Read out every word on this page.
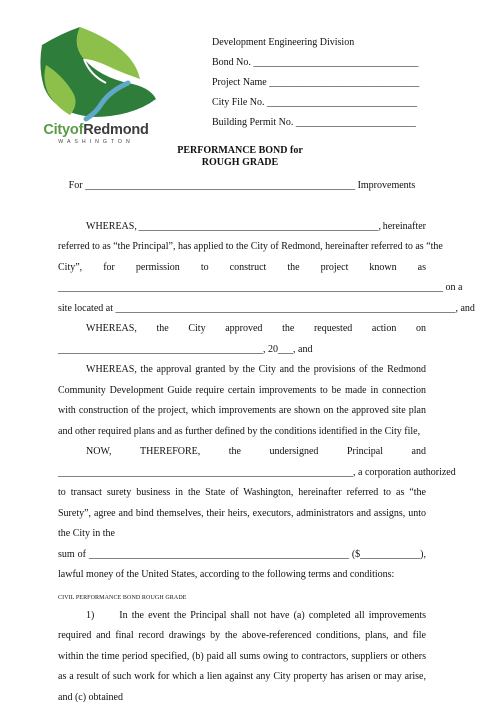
CityofRedmond
WASHINGTON
Development Engineering Division
Bond No. _________________________________
Project Name ______________________________
City File No. ______________________________
Building Permit No. ________________________
PERFORMANCE BOND for
ROUGH GRADE

For ______________________________________________________ Improvements

WHEREAS, ________________________________________________, hereinafter
referred to as “the Principal”, has applied to the City of Redmond, hereinafter referred to as “the
City”, for permission to construct the project known as
_____________________________________________________________________________ on a
site located at ____________________________________________________________________, and
WHEREAS, the City approved the requested action on
_________________________________________, 20___, and

WHEREAS, the approval granted by the City and the provisions of the Redmond Community Development Guide require certain improvements to be made in connection with construction of the project, which improvements are shown on the approved site plan and other required plans and as further defined by the conditions identified in the City file,

NOW,	THEREFORE,	the	undersigned	Principal	and
___________________________________________________________, a corporation authorized

to transact surety business in the State of Washington, hereinafter referred to as “the Surety”, agree and bind themselves, their heirs, executors, administrators and assigns, unto the City in the

sum of ____________________________________________________ ($____________),

lawful money of the United States, according to the following terms and conditions:

1)      In the event the Principal shall not have (a) completed all improvements required and final record drawings by the above-referenced conditions, plans, and file within the time period specified, (b) paid all sums owing to contractors, suppliers or others as a result of such work for which a lien against any City property has arisen or may arise, and (c) obtained

CIVIL PERFORMANCE BOND ROUGH GRADE
